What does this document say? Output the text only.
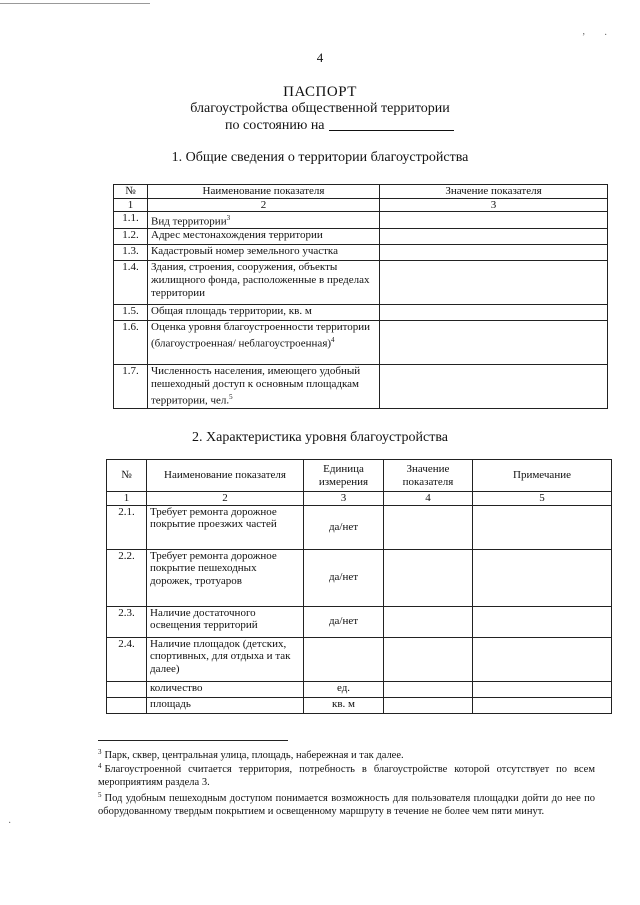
‚ ·
4
ПАСПОРТ
благоустройства общественной территории
по состоянию на
1. Общие сведения о территории благоустройства
№	Наименование показателя	Значение показателя
1	2	3
1.1.	Вид территории$^3$	
1.2.	Адрес местонахождения территории	
1.3.	Кадастровый номер земельного участка	
1.4.	Здания, строения, сооружения, объекты жилищного фонда, расположенные в пределах территории	
1.5.	Общая площадь территории, кв. м	
1.6.	Оценка уровня благоустроенности территории (благоустроенная/ неблагоустроенная)$^4$	
1.7.	Численность населения, имеющего удобный пешеходный доступ к основным площадкам территории, чел.$^5$	
2. Характеристика уровня благоустройства
№	Наименование показателя	Единица измерения	Значение показателя	Примечание
1	2	3	4	5
2.1.	Требует ремонта дорожное покрытие проезжих частей	да/нет		
2.2.	Требует ремонта дорожное покрытие пешеходных дорожек, тротуаров	да/нет		
2.3.	Наличие достаточного освещения территорий	да/нет		
2.4.	Наличие площадок (детских, спортивных, для отдыха и так далее)			
	количество	ед.		
	площадь	кв. м		
$^3$ Парк, сквер, центральная улица, площадь, набережная и так далее.
$^4$ Благоустроенной считается территория, потребность в благоустройстве которой отсутствует по всем мероприятиям раздела 3.
$^5$ Под удобным пешеходным доступом понимается возможность для пользователя площадки дойти до нее по оборудованному твердым покрытием и освещенному маршруту в течение не более чем пяти минут.
·
